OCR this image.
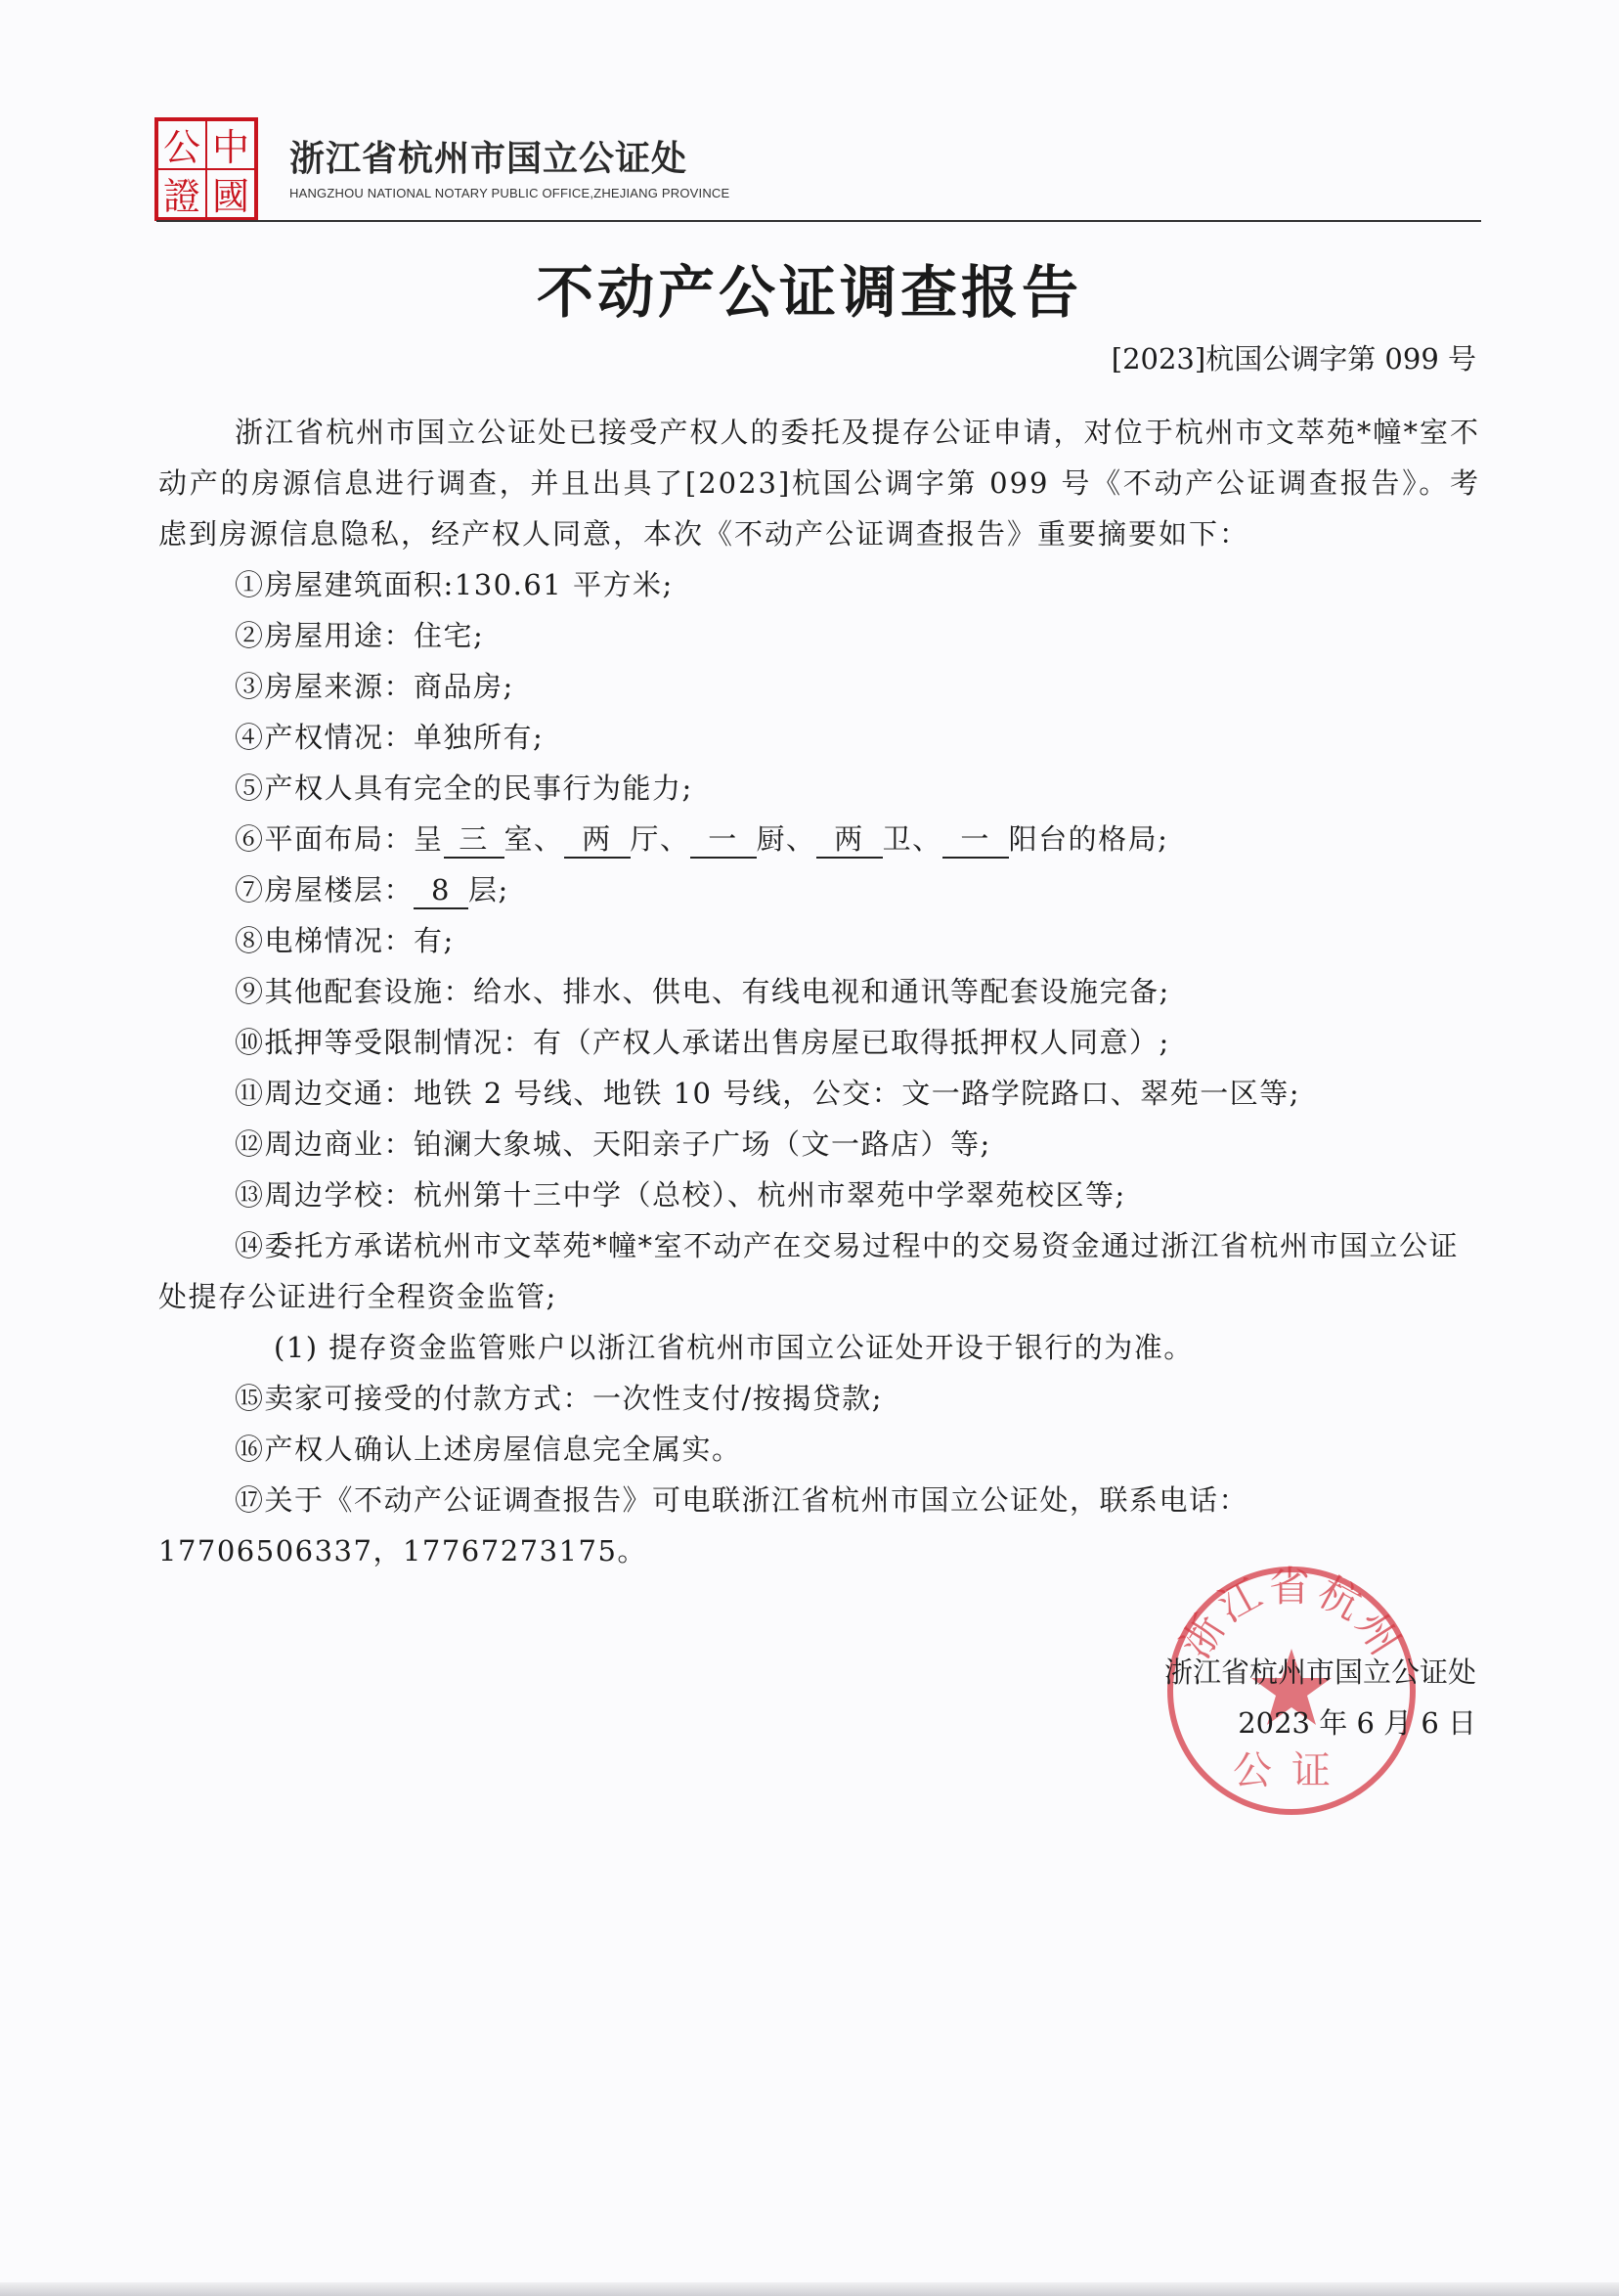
中
國
公
證
浙江省杭州市国立公证处
HANGZHOU NATIONAL NOTARY PUBLIC OFFICE,ZHEJIANG PROVINCE
不动产公证调查报告
[2023]杭国公调字第 099 号

浙江省杭州市国立公证处已接受产权人的委托及提存公证申请，对位于杭州市文萃苑*幢*室不动产的房源信息进行调查，并且出具了[2023]杭国公调字第 099 号《不动产公证调查报告》。考虑到房源信息隐私，经产权人同意，本次《不动产公证调查报告》重要摘要如下：

①房屋建筑面积:130.61 平方米;
②房屋用途：住宅;
③房屋来源：商品房;
④产权情况：单独所有;
⑤产权人具有完全的民事行为能力;
⑥平面布局：呈 三 室、 两 厅、 一 厨、 两 卫、 一 阳台的格局;
⑦房屋楼层： 8 层;
⑧电梯情况：有;
⑨其他配套设施：给水、排水、供电、有线电视和通讯等配套设施完备;
⑩抵押等受限制情况：有（产权人承诺出售房屋已取得抵押权人同意）;
⑪周边交通：地铁 2 号线、地铁 10 号线，公交：文一路学院路口、翠苑一区等;
⑫周边商业：铂澜大象城、天阳亲子广场（文一路店）等;
⑬周边学校：杭州第十三中学（总校）、杭州市翠苑中学翠苑校区等;
⑭委托方承诺杭州市文萃苑*幢*室不动产在交易过程中的交易资金通过浙江省杭州市国立公证处提存公证进行全程资金监管;
(1) 提存资金监管账户以浙江省杭州市国立公证处开设于银行的为准。
⑮卖家可接受的付款方式：一次性支付/按揭贷款;
⑯产权人确认上述房屋信息完全属实。
⑰关于《不动产公证调查报告》可电联浙江省杭州市国立公证处，联系电话：17706506337，17767273175。
浙江省杭州
公证
浙江省杭州市国立公证处
2023 年 6 月 6 日
